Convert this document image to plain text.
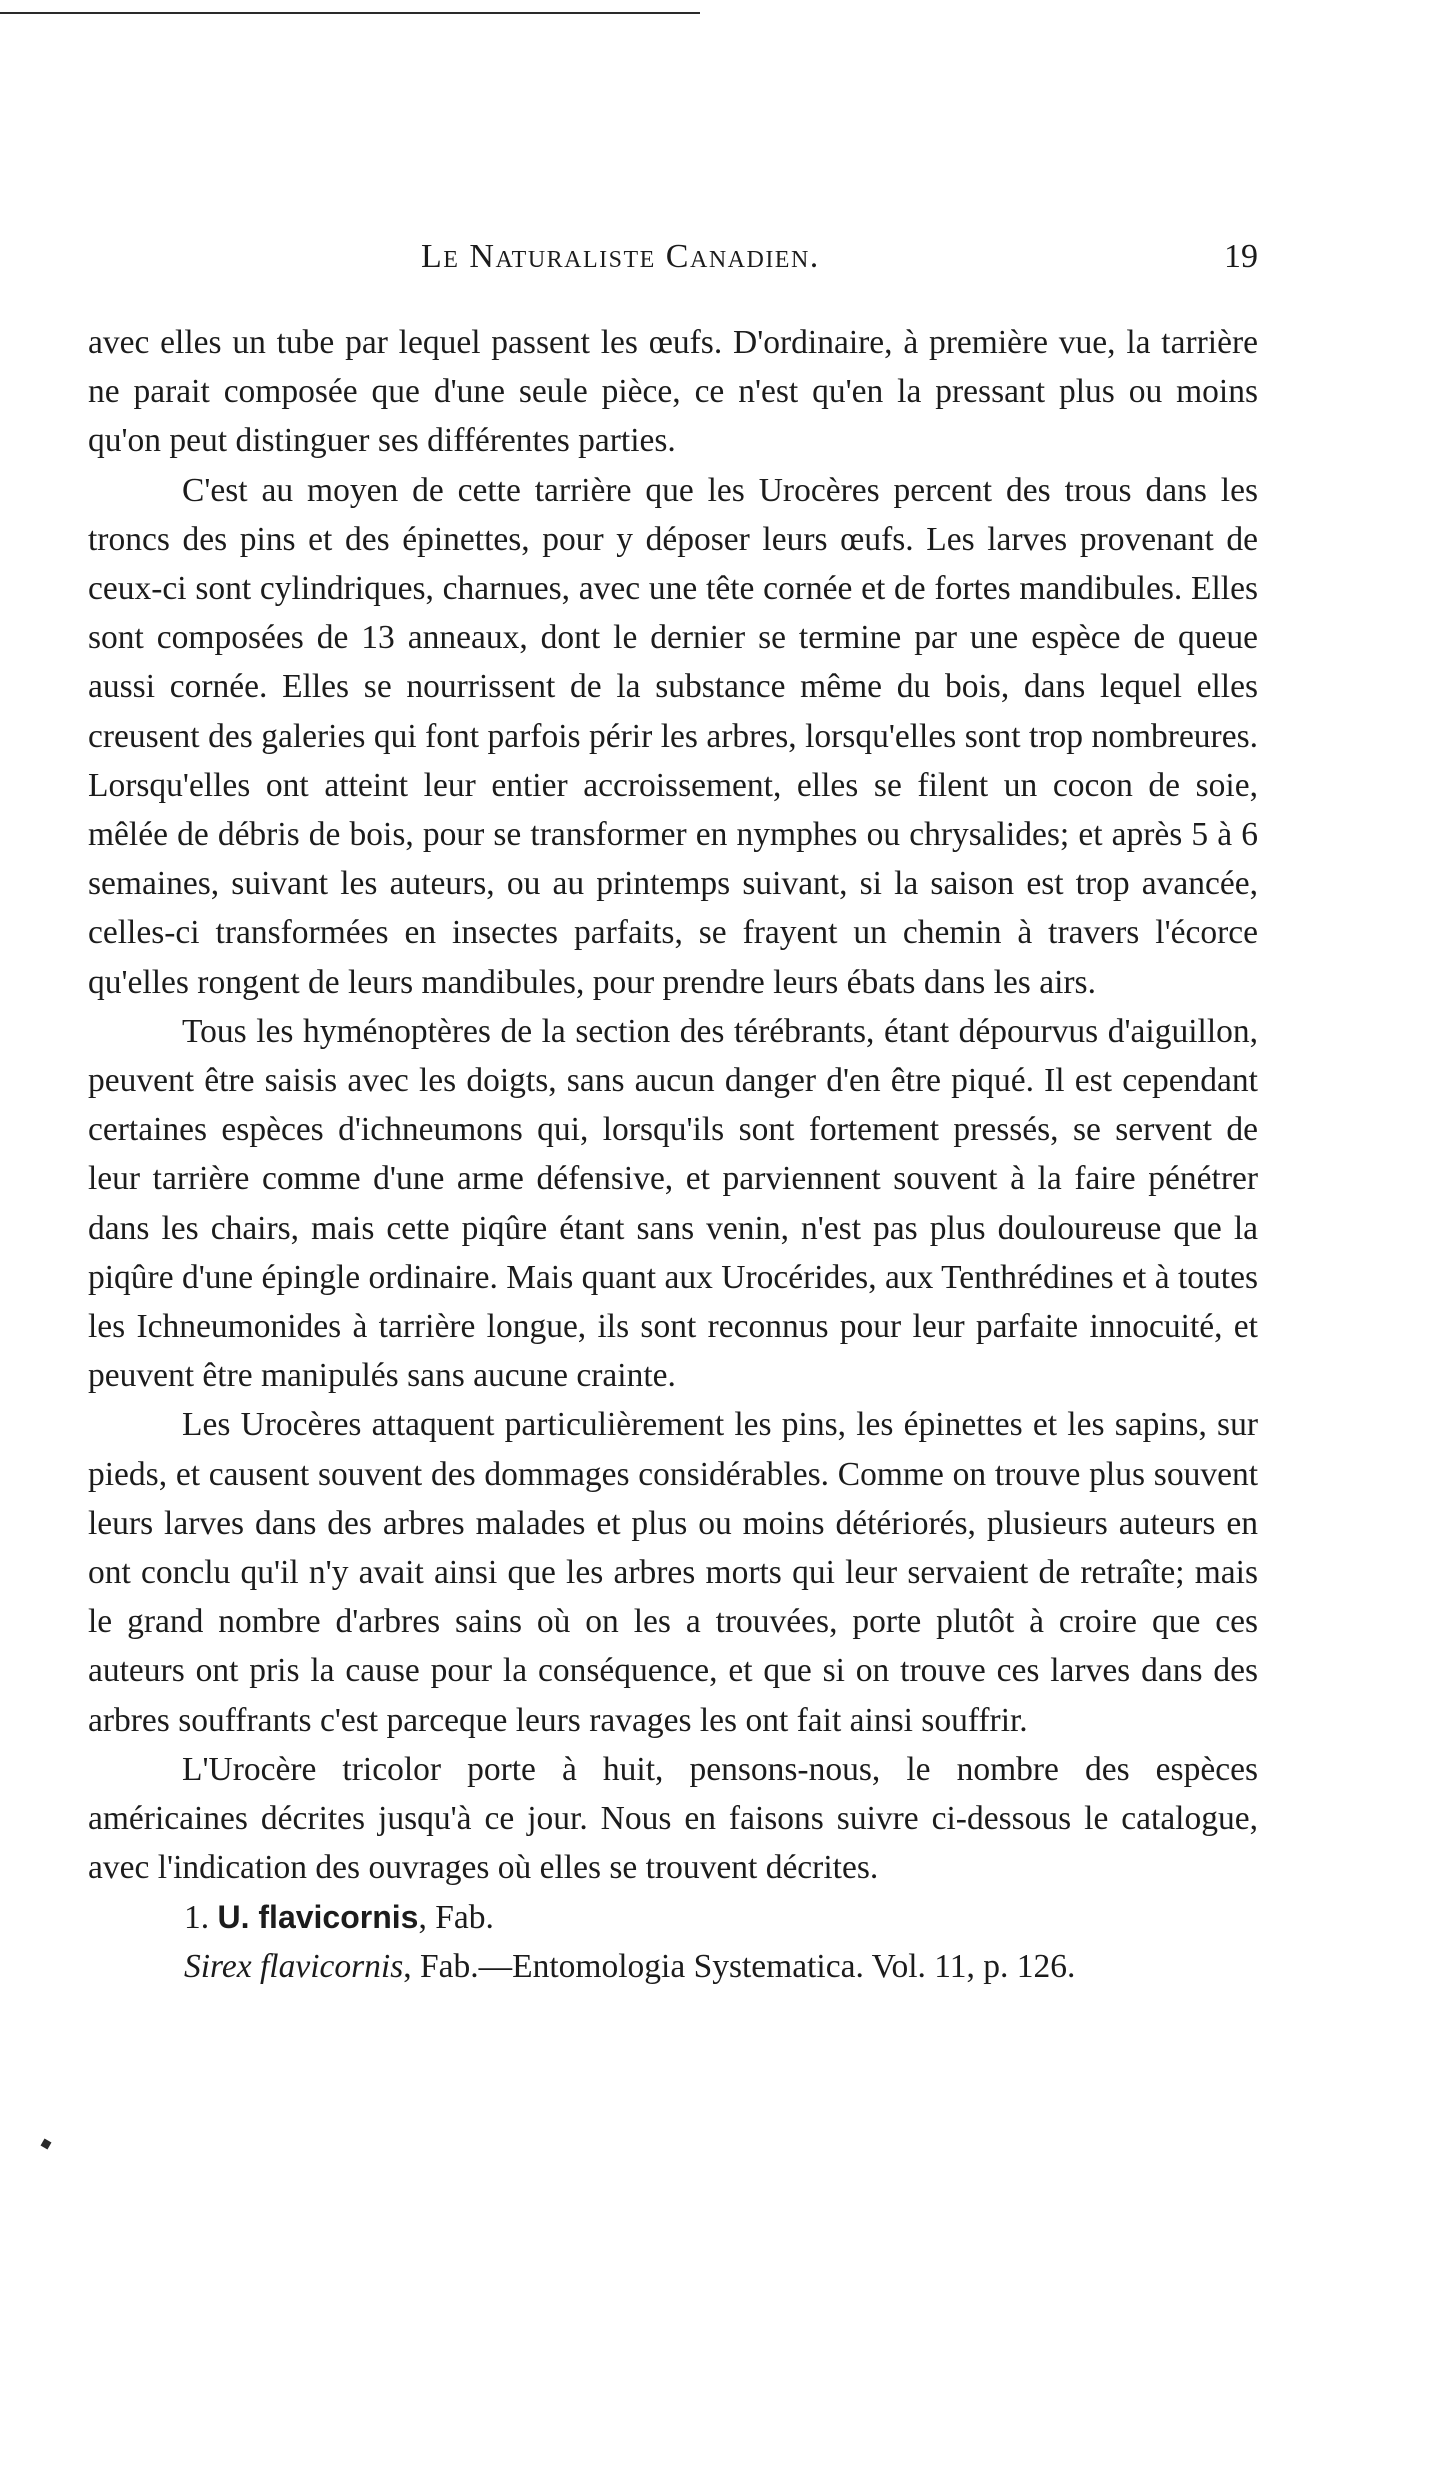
Le Naturaliste Canadien.	19

avec elles un tube par lequel passent les œufs. D'ordinaire, à première vue, la tarrière ne parait composée que d'une seule pièce, ce n'est qu'en la pressant plus ou moins qu'on peut distinguer ses différentes parties.

C'est au moyen de cette tarrière que les Urocères percent des trous dans les troncs des pins et des épinettes, pour y déposer leurs œufs. Les larves provenant de ceux-ci sont cylindriques, charnues, avec une tête cornée et de fortes mandibules. Elles sont composées de 13 anneaux, dont le dernier se termine par une espèce de queue aussi cornée. Elles se nourrissent de la substance même du bois, dans lequel elles creusent des galeries qui font parfois périr les arbres, lorsqu'elles sont trop nombreures. Lorsqu'elles ont atteint leur entier accroissement, elles se filent un cocon de soie, mêlée de débris de bois, pour se transformer en nymphes ou chrysalides; et après 5 à 6 semaines, suivant les auteurs, ou au printemps suivant, si la saison est trop avancée, celles-ci transformées en insectes parfaits, se frayent un chemin à travers l'écorce qu'elles rongent de leurs mandibules, pour prendre leurs ébats dans les airs.

Tous les hyménoptères de la section des térébrants, étant dépourvus d'aiguillon, peuvent être saisis avec les doigts, sans aucun danger d'en être piqué. Il est cependant certaines espèces d'ichneumons qui, lorsqu'ils sont fortement pressés, se servent de leur tarrière comme d'une arme défensive, et parviennent souvent à la faire pénétrer dans les chairs, mais cette piqûre étant sans venin, n'est pas plus douloureuse que la piqûre d'une épingle ordinaire. Mais quant aux Urocérides, aux Tenthrédines et à toutes les Ichneumonides à tarrière longue, ils sont reconnus pour leur parfaite innocuité, et peuvent être manipulés sans aucune crainte.

Les Urocères attaquent particulièrement les pins, les épinettes et les sapins, sur pieds, et causent souvent des dommages considérables. Comme on trouve plus souvent leurs larves dans des arbres malades et plus ou moins détériorés, plusieurs auteurs en ont conclu qu'il n'y avait ainsi que les arbres morts qui leur servaient de retraîte; mais le grand nombre d'arbres sains où on les a trouvées, porte plutôt à croire que ces auteurs ont pris la cause pour la conséquence, et que si on trouve ces larves dans des arbres souffrants c'est parceque leurs ravages les ont fait ainsi souffrir.

L'Urocère tricolor porte à huit, pensons-nous, le nombre des espèces américaines décrites jusqu'à ce jour. Nous en faisons suivre ci-dessous le catalogue, avec l'indication des ouvrages où elles se trouvent décrites.

1. U. flavicornis, Fab.

Sirex flavicornis, Fab.—Entomologia Systematica. Vol. 11, p. 126.
